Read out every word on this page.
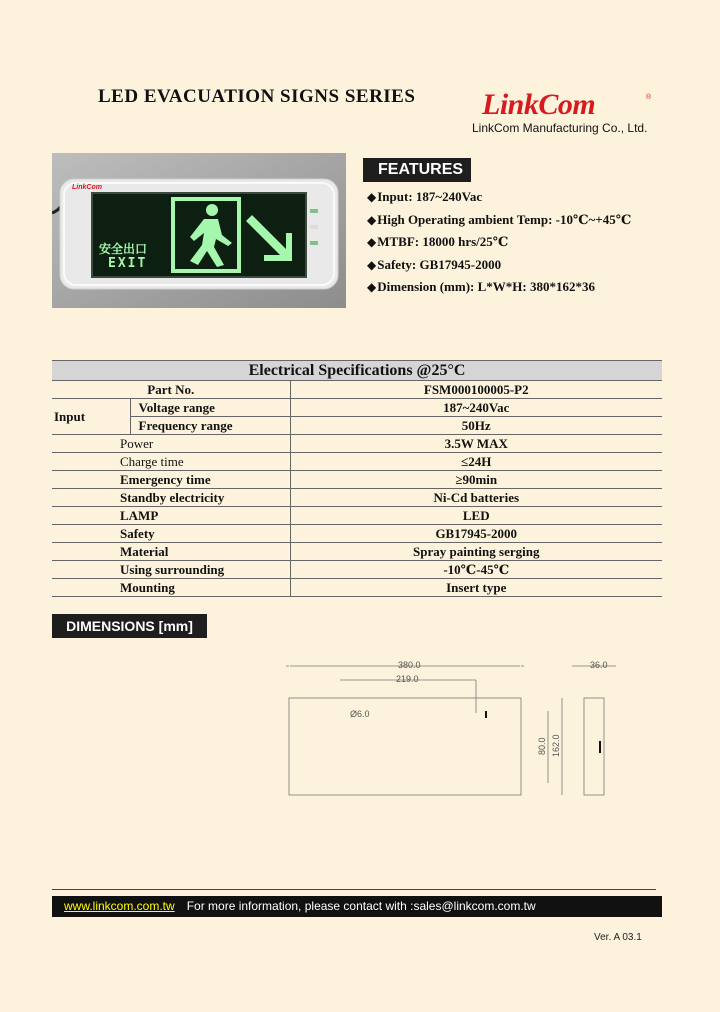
LED EVACUATION SIGNS SERIES LinkCom	®
LinkCom Manufacturing Co., Ltd.
LinkCom
安全出口
EXIT
FEATURES
◆Input: 187~240Vac
◆High Operating ambient Temp: -10℃~+45℃
◆MTBF: 18000 hrs/25℃
◆Safety: GB17945-2000
◆Dimension (mm): L*W*H: 380*162*36
Electrical Specifications @25°C		
Part No.		FSM000100005-P2
Input	Voltage range	187~240Vac
	Frequency range	50Hz
Power		3.5W MAX
Charge time		≤24H
Emergency time		≥90min
Standby electricity		Ni-Cd batteries
LAMP		LED
Safety		GB17945-2000
Material		Spray painting serging
Using surrounding		-10℃-45℃
Mounting		Insert type
DIMENSIONS [mm]
380.0
219.0
36.0
Ø6.0
80.0 162.0
www.linkcom.com.tw For more information, please contact with :sales@linkcom.com.tw
Ver. A 03.1
